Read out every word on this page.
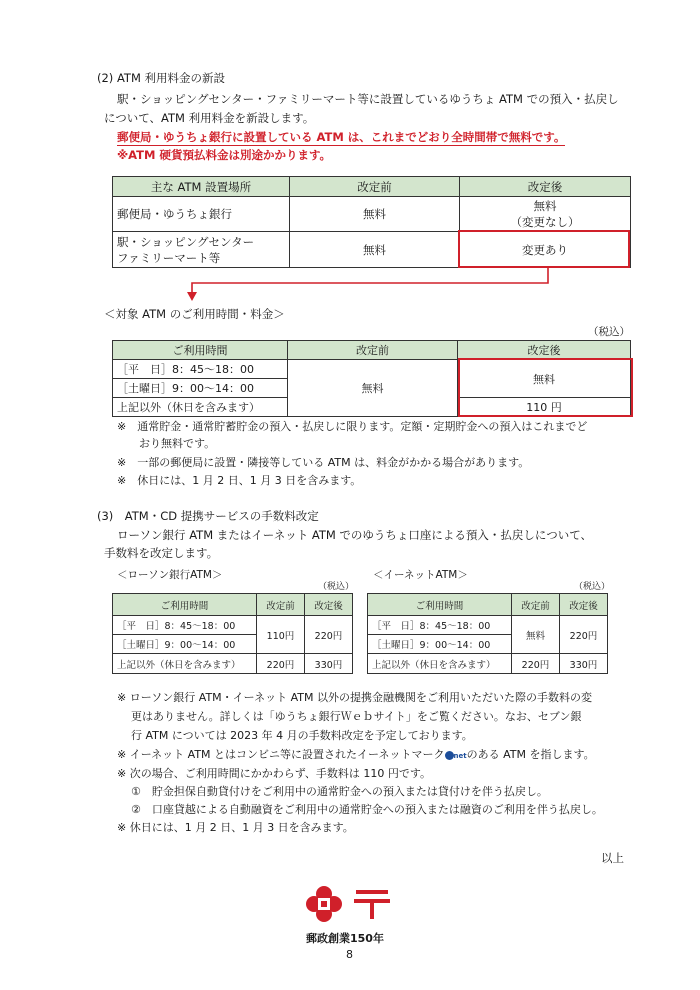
(2) ATM 利用料金の新設
駅・ショッピングセンター・ファミリーマート等に設置しているゆうちょ ATM での預入・払戻し
について、ATM 利用料金を新設します。
郵便局・ゆうちょ銀行に設置している ATM は、これまでどおり全時間帯で無料です。
※ATM 硬貨預払料金は別途かかります。
主な ATM 設置場所	改定前	改定後
郵便局・ゆうちょ銀行	無料	無料
（変更なし）

駅・ショッピングセンター
ファミリーマート等	無料	変更あり
＜対象 ATM のご利用時間・料金＞
（税込）
ご利用時間	改定前	改定後
［平　日］8：45～18：00	無料	無料
［土曜日］9：00～14：00		
上記以外（休日を含みます）		110 円
※　 通常貯金・通常貯蓄貯金の預入・払戻しに限ります。定額・定期貯金への預入はこれまでど
おり無料です。
※　 一部の郵便局に設置・隣接等している ATM は、料金がかかる場合があります。
※　 休日には、1 月 2 日、1 月 3 日を含みます。
(3)　ATM・CD 提携サービスの手数料改定
ローソン銀行 ATM またはイーネット ATM でのゆうちょ口座による預入・払戻しについて、
手数料を改定します。
＜ローソン銀行ATM＞
（税込）
＜イーネットATM＞
（税込）
ご利用時間	改定前	改定後
［平　日］8：45～18：00	110円	220円
［土曜日］9：00～14：00		
上記以外（休日を含みます）	220円	330円
ご利用時間	改定前	改定後
［平　日］8：45～18：00	無料	220円
［土曜日］9：00～14：00		
上記以外（休日を含みます）	220円	330円
※ ローソン銀行 ATM・イーネット ATM 以外の提携金融機関をご利用いただいた際の手数料の変
更はありません。詳しくは「ゆうちょ銀行Ｗｅｂサイト」をご覧ください。なお、セブン銀
行 ATM については 2023 年 4 月の手数料改定を予定しております。
※ イーネット ATM とはコンビニ等に設置されたイーネットマーク netのある ATM を指します。
※ 次の場合、ご利用時間にかかわらず、手数料は 110 円です。
①　貯金担保自動貸付けをご利用中の通常貯金への預入または貸付けを伴う払戻し。
②　口座貸越による自動融資をご利用中の通常貯金への預入または融資のご利用を伴う払戻し。
※ 休日には、1 月 2 日、1 月 3 日を含みます。
以上
郵政創業150年
8
